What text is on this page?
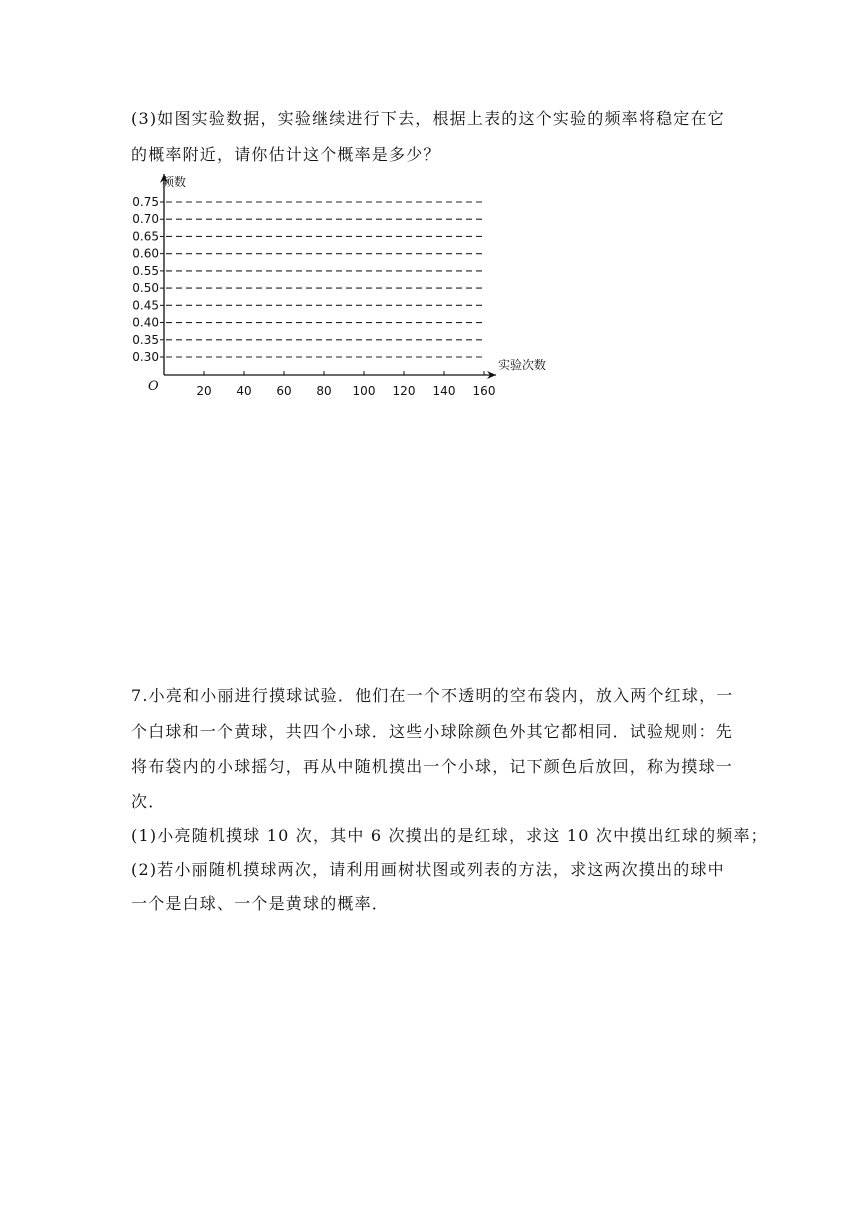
(3)如图实验数据，实验继续进行下去，根据上表的这个实验的频率将稳定在它
的概率附近，请你估计这个概率是多少？
0.30
0.35
0.40
0.45
0.50
0.55
0.60
0.65
0.70
0.75
20 40 60 80 100 120 140 160
频数
实验次数
O
7.小亮和小丽进行摸球试验．他们在一个不透明的空布袋内，放入两个红球，一
个白球和一个黄球，共四个小球．这些小球除颜色外其它都相同．试验规则：先
将布袋内的小球摇匀，再从中随机摸出一个小球，记下颜色后放回，称为摸球一
次．
(1)小亮随机摸球 10 次，其中 6 次摸出的是红球，求这 10 次中摸出红球的频率；
(2)若小丽随机摸球两次，请利用画树状图或列表的方法，求这两次摸出的球中
一个是白球、一个是黄球的概率．
